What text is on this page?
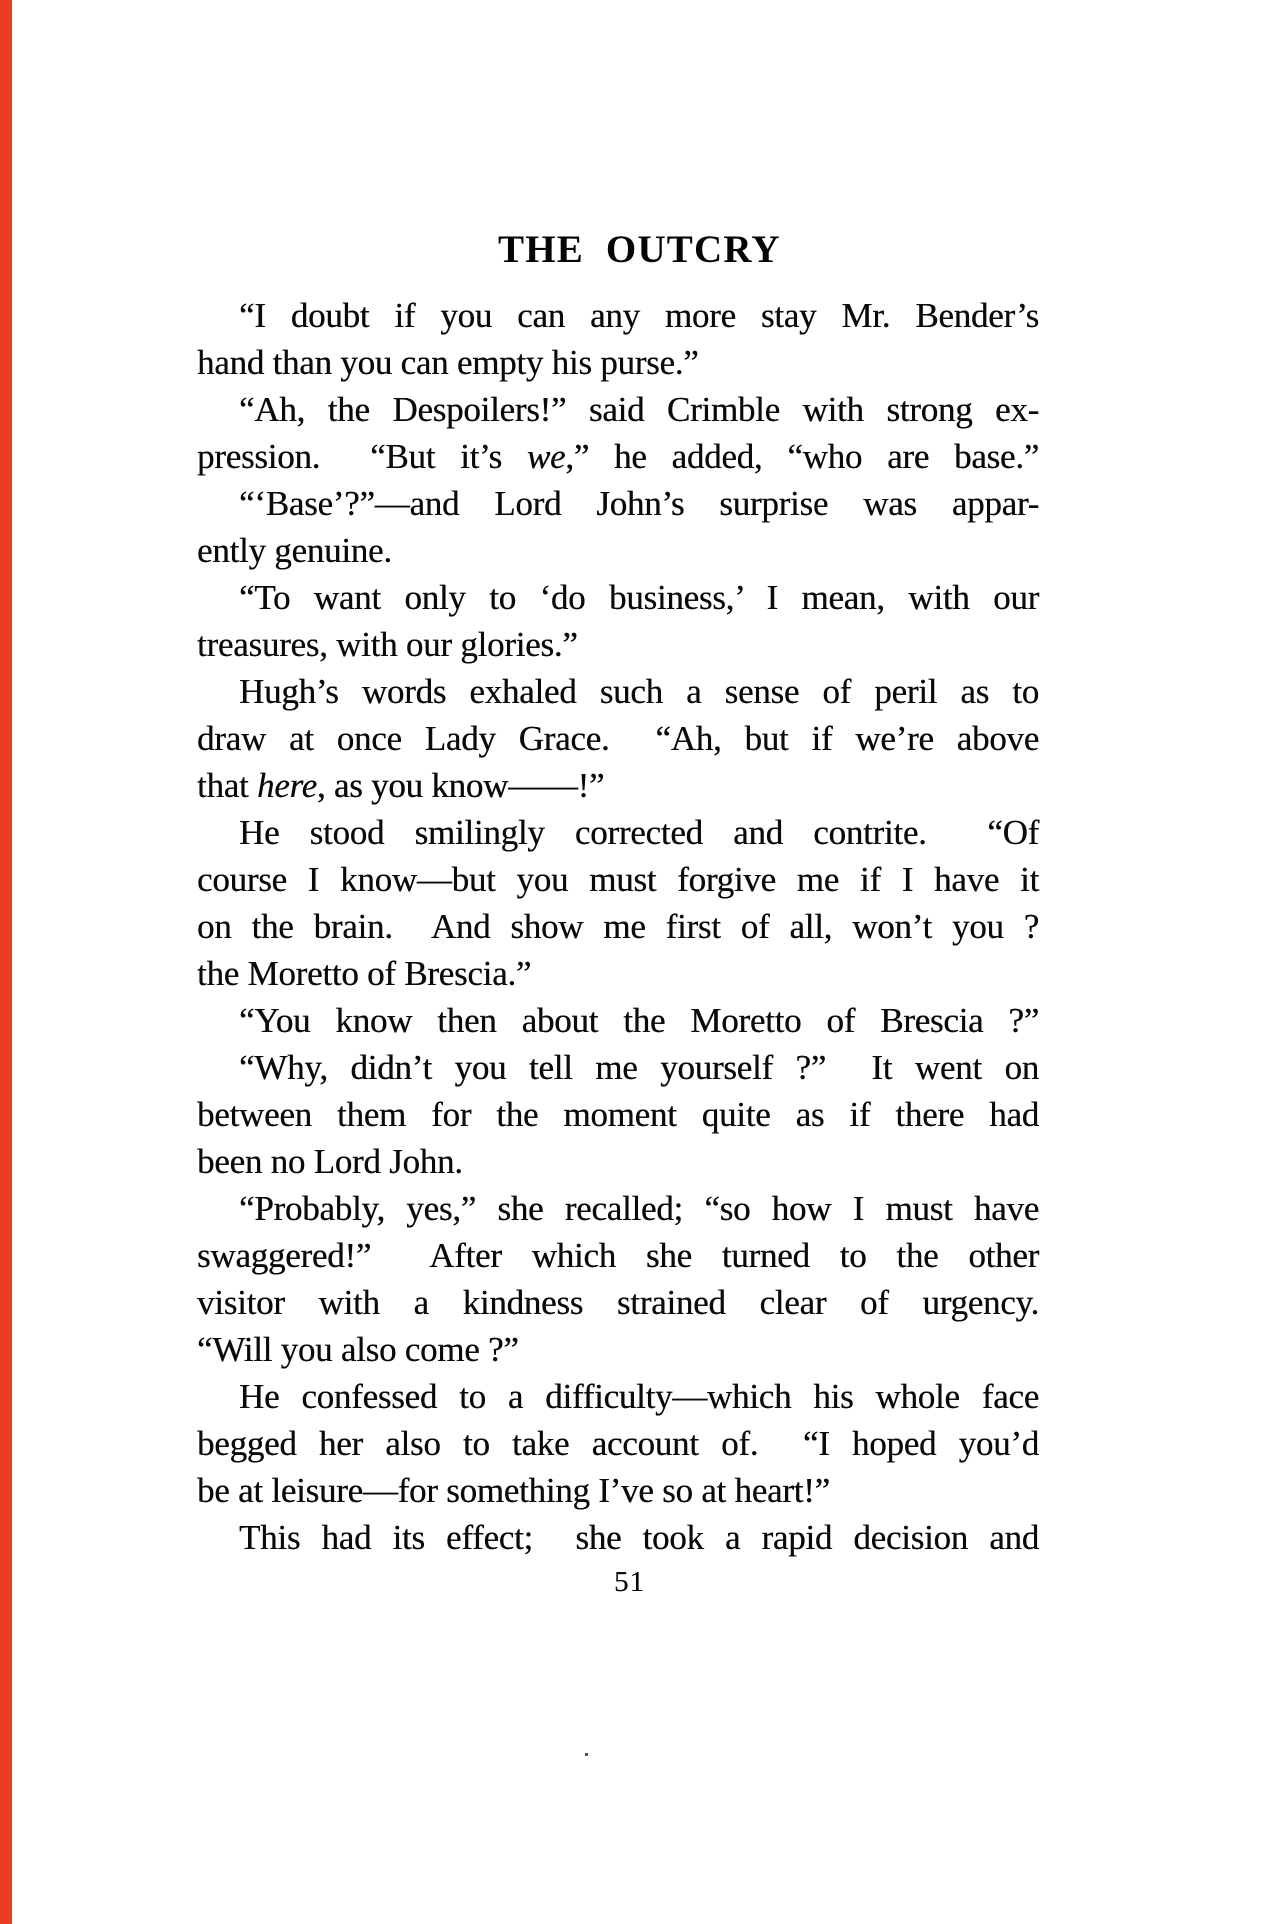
THE OUTCRY
“I doubt if you can any more stay Mr. Bender’s
hand than you can empty his purse.”
“Ah, the Despoilers!” said Crimble with strong ex-
pression.  “But it’s we,” he added, “who are base.”
“‘Base’?”—and Lord John’s surprise was appar-
ently genuine.
“To want only to ‘do business,’ I mean, with our
treasures, with our glories.”
Hugh’s words exhaled such a sense of peril as to
draw at once Lady Grace.  “Ah, but if we’re above
that here, as you know——!”
He stood smilingly corrected and contrite.  “Of
course I know—but you must forgive me if I have it
on the brain.  And show me first of all, won’t you ?
the Moretto of Brescia.”
“You know then about the Moretto of Brescia ?”
“Why, didn’t you tell me yourself ?”  It went on
between them for the moment quite as if there had
been no Lord John.
“Probably, yes,” she recalled; “so how I must have
swaggered!”  After which she turned to the other
visitor with a kindness strained clear of urgency.
“Will you also come ?”
He confessed to a difficulty—which his whole face
begged her also to take account of.  “I hoped you’d
be at leisure—for something I’ve so at heart!”
This had its effect;  she took a rapid decision and
51
